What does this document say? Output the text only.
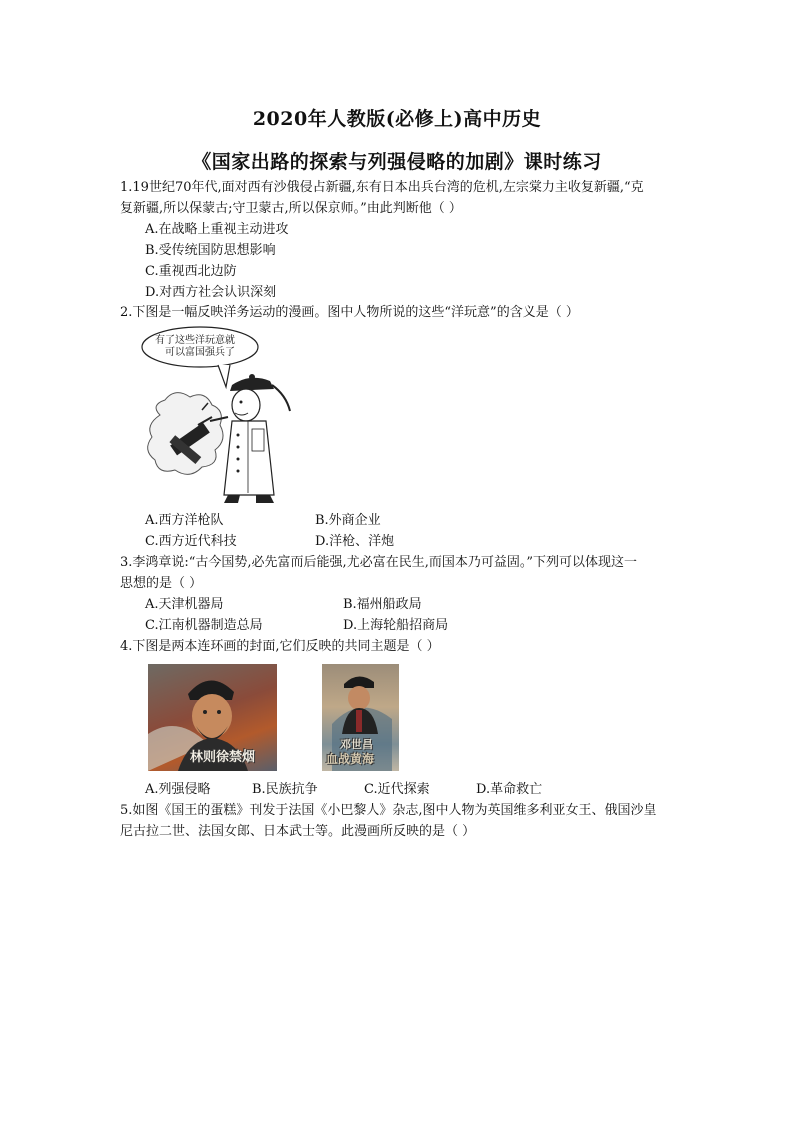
2020年人教版(必修上)高中历史
《国家出路的探索与列强侵略的加剧》课时练习
1.19世纪70年代,面对西有沙俄侵占新疆,东有日本出兵台湾的危机,左宗棠力主收复新疆,“克
复新疆,所以保蒙古;守卫蒙古,所以保京师。”由此判断他（ ）
A.在战略上重视主动进攻
B.受传统国防思想影响
C.重视西北边防
D.对西方社会认识深刻
2.下图是一幅反映洋务运动的漫画。图中人物所说的这些“洋玩意”的含义是（ ）
有了这些洋玩意就
可以富国强兵了
A.西方洋枪队	B.外商企业
C.西方近代科技	D.洋枪、洋炮
3.李鸿章说:“古今国势,必先富而后能强,尤必富在民生,而国本乃可益固。”下列可以体现这一
思想的是（ ）
A.天津机器局	B.福州船政局
C.江南机器制造总局	D.上海轮船招商局
4.下图是两本连环画的封面,它们反映的共同主题是（ ）
林则徐禁烟
邓世昌
血战黄海
A.列强侵略	B.民族抗争	C.近代探索	D.革命救亡
5.如图《国王的蛋糕》刊发于法国《小巴黎人》杂志,图中人物为英国维多利亚女王、俄国沙皇
尼古拉二世、法国女郎、日本武士等。此漫画所反映的是（ ）
